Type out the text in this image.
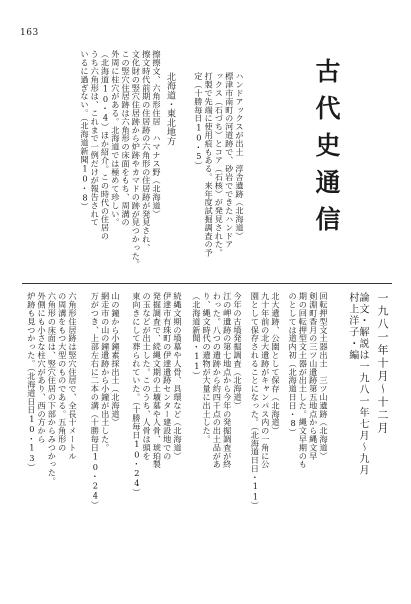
163
古代史通信
北海道・東北地方	ハンドアックスが出土　淳舎遺跡（北海道）
標津市南町の河道跡で、砂岩でできたハンドア
ックス（石づち）とコア（石核）が発見された。
打製で先端に使用痕もある。来年度試掘調査の予
定（十勝毎日10・5）
擦擦文、六角形住居　ハマナス野（北海道）
擦文時代前期の住居跡の六角形の住居跡が発見され、
文化財の竪穴住居跡から炉跡やカマドの跡が見つかった。
この竪穴住居跡は六角形の床面をもち、周溝の
外周に柱穴がある。北海道では極めて珍しい。
（北海道10・4）ほか紹介。この時代の住居の
うち六角形は、これまで一例だけが報告されて
いるに過ぎない。（北海道新聞10・8）
一九八一年十月〜十二月
論文・解説は一九八一年七月〜九月
村上洋子・編
回転押型文土器出土　三ツ山遺跡（北海道）
剣淵町香月の三ツ山遺跡第五地点から縄文早
期の回転押型文土器が出土した。縄文早期のも
のとしては道内初（北海道日日・8）
北大遺跡、公園として保存（北海道）
九十年前の北大遺跡がキャンパス内の一角に公
園として保存されることになった。（北海道日日・11）
今年の古墳発掘調査（北海道）
江の岬遺跡の第七地点から今年の発掘調査が終
わった。八つの遺跡から約四千点の出土品があ
り、縄文時代の遺物が大量に出土した。
（北海道新聞・11）
続縄文期の墳墓や人骨、具環など（北海道）
伊達市有珠町の伊達遺跡センター建設地での
発掘調査で、続縄文期の土壙墓や人骨、琥珀製
の玉などが出土した。このうち、人骨は頭を
東向きにして葬られていた。（十勝毎日10・24）
山の鐘から小鐘素採出土（北海道）
網走市の山の鐘遺跡から小鐘が出土した。
万がつき、上部左右に二本の溝（十勝毎日10・24）
六角形住居跡は竪穴住居で、全長十メートル
の周溝をもつ大型のものである。五角形の
六角形の床面は、竪穴住居の下部からみつかった。
外側にも小さな柱穴があり、西の方から
炉跡も見つかった。（北海道日日10・13）
